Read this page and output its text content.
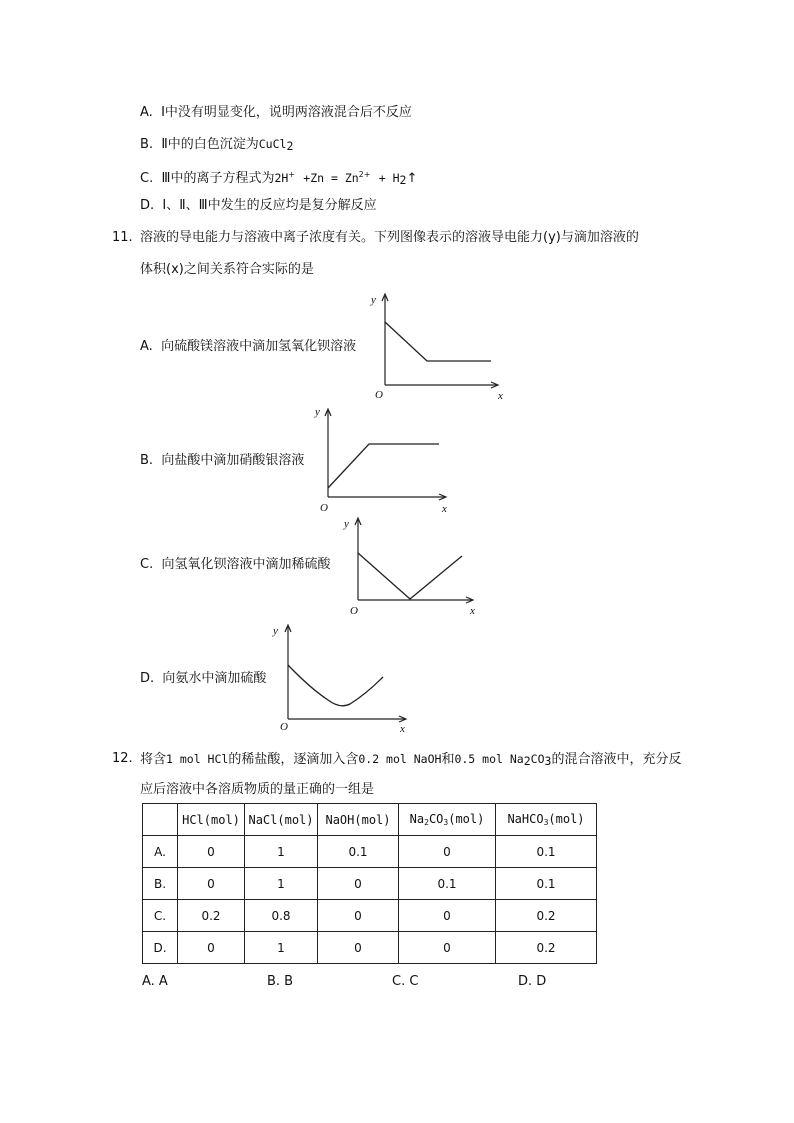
A. Ⅰ中没有明显变化，说明两溶液混合后不反应
B. Ⅱ中的白色沉淀为CuCl$_2$
C. Ⅲ中的离子方程式为$2H^+ +Zn = Zn^{2+}$ + $H_2↑$
D. Ⅰ、Ⅱ、Ⅲ中发生的反应均是复分解反应
11. 溶液的导电能力与溶液中离子浓度有关。下列图像表示的溶液导电能力(y)与滴加溶液的
体积(x)之间关系符合实际的是
A. 向硫酸镁溶液中滴加氢氧化钡溶液
y
O	x
B. 向盐酸中滴加硝酸银溶液
y
O	x
C. 向氢氧化钡溶液中滴加稀硫酸
y
O	x
D. 向氨水中滴加硫酸
y
O	x
12. 将含1 mol HCl的稀盐酸，逐滴加入含0.2 mol NaOH和0.5 mol $Na_2CO_3$的混合溶液中，充分反
应后溶液中各溶质物质的量正确的一组是
	HCl(mol)	NaCl(mol)	NaOH(mol)	$Na_2CO_3(mol)$	NaHCO$_3$(mol)
A.	0	1	0.1	0	0.1
B.	0	1	0	0.1	0.1
C.	0.2	0.8	0	0	0.2
D.	0	1	0	0	0.2
A. A	B. B	C. C	D. D
